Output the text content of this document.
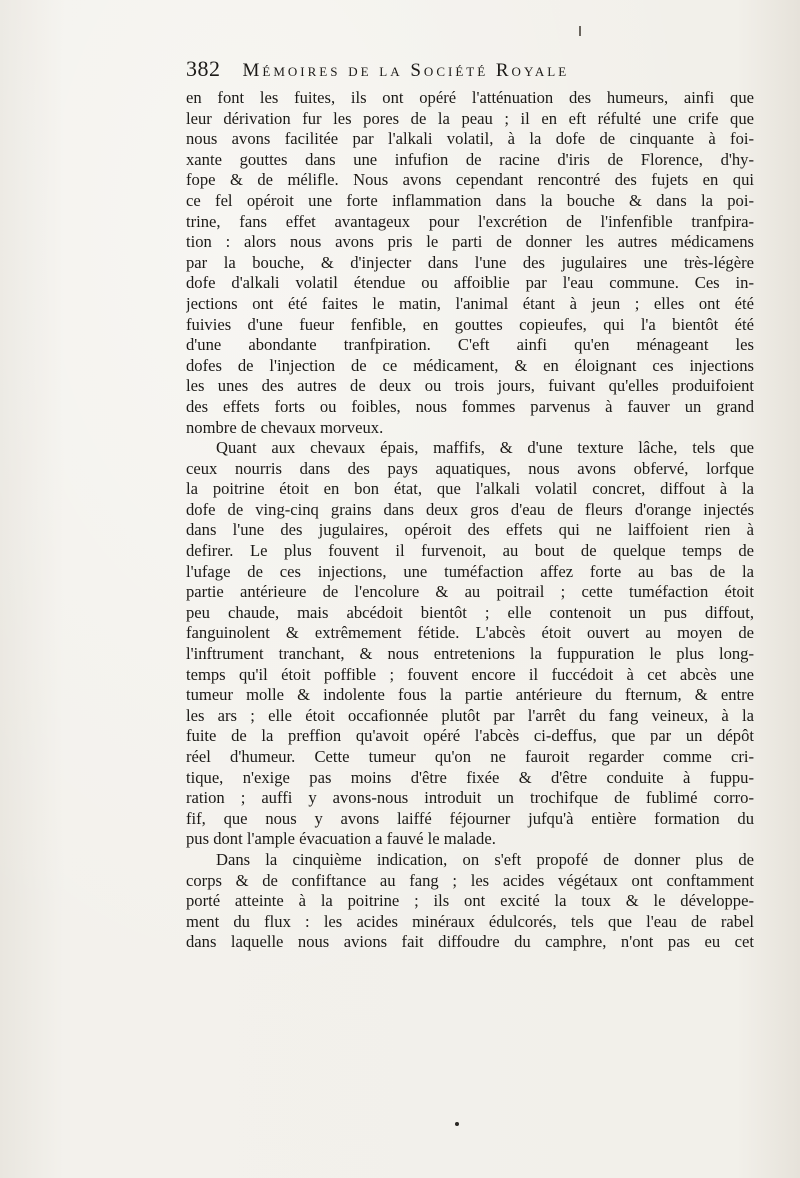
382 Mémoires de la Société Royale
en font les fuites, ils ont opéré l'atténuation des humeurs, ainfi que
leur dérivation fur les pores de la peau ; il en eft réfulté une crife que
nous avons facilitée par l'alkali volatil, à la dofe de cinquante à foi-
xante gouttes dans une infufion de racine d'iris de Florence, d'hy-
fope & de mélifle. Nous avons cependant rencontré des fujets en qui
ce fel opéroit une forte inflammation dans la bouche & dans la poi-
trine, fans effet avantageux pour l'excrétion de l'infenfible tranfpira-
tion : alors nous avons pris le parti de donner les autres médicamens
par la bouche, & d'injecter dans l'une des jugulaires une très-légère
dofe d'alkali volatil étendue ou affoiblie par l'eau commune. Ces in-
jections ont été faites le matin, l'animal étant à jeun ; elles ont été
fuivies d'une fueur fenfible, en gouttes copieufes, qui l'a bientôt été
d'une abondante tranfpiration. C'eft ainfi qu'en ménageant les
dofes de l'injection de ce médicament, & en éloignant ces injections
les unes des autres de deux ou trois jours, fuivant qu'elles produifoient
des effets forts ou foibles, nous fommes parvenus à fauver un grand
nombre de chevaux morveux.
Quant aux chevaux épais, maffifs, & d'une texture lâche, tels que
ceux nourris dans des pays aquatiques, nous avons obfervé, lorfque
la poitrine étoit en bon état, que l'alkali volatil concret, diffout à la
dofe de ving-cinq grains dans deux gros d'eau de fleurs d'orange injectés
dans l'une des jugulaires, opéroit des effets qui ne laiffoient rien à
defirer. Le plus fouvent il furvenoit, au bout de quelque temps de
l'ufage de ces injections, une tuméfaction affez forte au bas de la
partie antérieure de l'encolure & au poitrail ; cette tuméfaction étoit
peu chaude, mais abcédoit bientôt ; elle contenoit un pus diffout,
fanguinolent & extrêmement fétide. L'abcès étoit ouvert au moyen de
l'inftrument tranchant, & nous entretenions la fuppuration le plus long-
temps qu'il étoit poffible ; fouvent encore il fuccédoit à cet abcès une
tumeur molle & indolente fous la partie antérieure du fternum, & entre
les ars ; elle étoit occafionnée plutôt par l'arrêt du fang veineux, à la
fuite de la preffion qu'avoit opéré l'abcès ci-deffus, que par un dépôt
réel d'humeur. Cette tumeur qu'on ne fauroit regarder comme cri-
tique, n'exige pas moins d'être fixée & d'être conduite à fuppu-
ration ; auffi y avons-nous introduit un trochifque de fublimé corro-
fif, que nous y avons laiffé féjourner jufqu'à entière formation du
pus dont l'ample évacuation a fauvé le malade.
Dans la cinquième indication, on s'eft propofé de donner plus de
corps & de confiftance au fang ; les acides végétaux ont conftamment
porté atteinte à la poitrine ; ils ont excité la toux & le développe-
ment du flux : les acides minéraux édulcorés, tels que l'eau de rabel
dans laquelle nous avions fait diffoudre du camphre, n'ont pas eu cet
